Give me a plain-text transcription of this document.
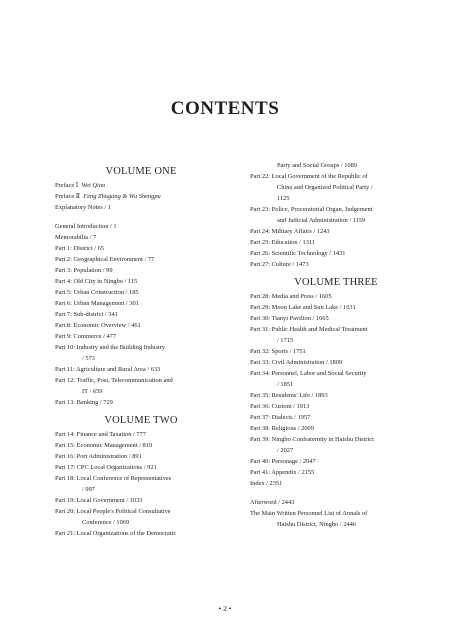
CONTENTS
VOLUME ONE
Preface Ⅰ Wei Qiao
Preface Ⅱ Feng Zhugang & Wu Shengpu
Explanatory Notes / 1
General Introduction / 1
Memorabilia / 7
Part 1: District / 65
Part 2: Geographical Environment / 77
Part 3: Population / 99
Part 4: Old City in Ningbo / 115
Part 5: Urban Construction / 185
Part 6: Urban Management / 301
Part 7: Sub-district / 341
Part 8: Economic Overview / 461
Part 9: Commerce / 477
Part 10: Industry and the Building Industry
/ 573
Part 11: Agriculture and Rural Area / 633
Part 12: Traffic, Post, Telecommunication and
IT / 659
Part 13: Banking / 729
VOLUME TWO
Part 14: Finance and Taxation / 777
Part 15: Economic Management / 819
Part 16: Port Administration / 891
Part 17: CPC Local Organizations / 921
Part 18: Local Conference of Representatives
/ 997
Part 19: Local Government / 1033
Part 20: Local People's Political Consultative
Conference / 1069
Part 21: Local Organizations of the Democratic
Party and Social Groups / 1089
Part 22: Local Government of the Republic of
China and Organized Political Party /
1125
Part 23: Police, Procuratorial Organ, Judgement
and Judicial Administration / 1159
Part 24: Military Affairs / 1243
Part 25: Education / 1311
Part 26: Scientific Technology / 1431
Part 27: Culture / 1473
VOLUME THREE
Part 28: Media and Press / 1605
Part 29: Moon Lake and Sun Lake / 1631
Part 30: Tianyi Pavilion / 1665
Part 31: Public Health and Medical Treatment
/ 1715
Part 32: Sports / 1751
Part 33: Civil Administration / 1809
Part 34: Personnel, Labor and Social Security
/ 1851
Part 35: Residents' Life / 1893
Part 36: Custom / 1913
Part 37: Dialects / 1957
Part 38: Religious / 2009
Part 39: Ningbo Confraternity in Haishu District
/ 2027
Part 40: Personage / 2047
Part 41: Appendix / 2155
Index / 2351
Afterword / 2443
The Main Written Personnel List of Annals of
Haishu District, Ningbo / 2446
• 2 •
